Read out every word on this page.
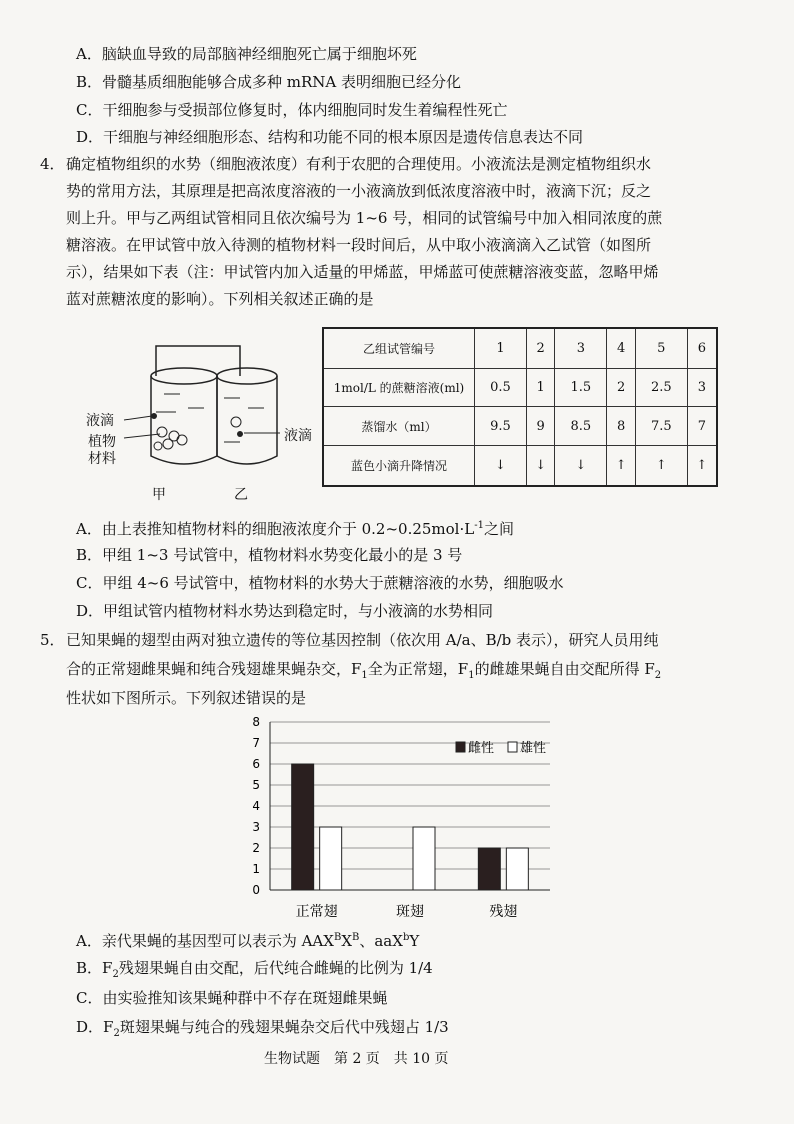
A．脑缺血导致的局部脑神经细胞死亡属于细胞坏死
B．骨髓基质细胞能够合成多种 mRNA 表明细胞已经分化
C．干细胞参与受损部位修复时，体内细胞同时发生着编程性死亡
D．干细胞与神经细胞形态、结构和功能不同的根本原因是遗传信息表达不同
4． 确定植物组织的水势（细胞液浓度）有利于农肥的合理使用。小液流法是测定植物组织水
势的常用方法，其原理是把高浓度溶液的一小液滴放到低浓度溶液中时，液滴下沉；反之
则上升。甲与乙两组试管相同且依次编号为 1~6 号，相同的试管编号中加入相同浓度的蔗
糖溶液。在甲试管中放入待测的植物材料一段时间后，从中取小液滴滴入乙试管（如图所
示），结果如下表（注：甲试管内加入适量的甲烯蓝，甲烯蓝可使蔗糖溶液变蓝，忽略甲烯
蓝对蔗糖浓度的影响）。下列相关叙述正确的是
液滴
植物
材料
液滴
甲	乙
乙组试管编号	1	2	3	4	5	6
1mol/L 的蔗糖溶液(ml)	0.5	1	1.5	2	2.5	3
蒸馏水（ml）	9.5	9	8.5	8	7.5	7
蓝色小滴升降情况	↓	↓	↓	↑	↑	↑
A．由上表推知植物材料的细胞液浓度介于 $0.2\sim 0.25mol\cdot L^{-1}$之间
B．甲组 1~3 号试管中，植物材料水势变化最小的是 3 号
C．甲组 4~6 号试管中，植物材料的水势大于蔗糖溶液的水势，细胞吸水
D．甲组试管内植物材料水势达到稳定时，与小液滴的水势相同
5． 已知果蝇的翅型由两对独立遗传的等位基因控制（依次用 A/a、B/b 表示），研究人员用纯
合的正常翅雌果蝇和纯合残翅雄果蝇杂交，$F_1$全为正常翅，$F_1$的雌雄果蝇自由交配所得 $F_2$
性状如下图所示。下列叙述错误的是
0
1
2
3
4
5
6
7
8
正常翅	斑翅	残翅
雌性 雄性
A．亲代果蝇的基因型可以表示为 $AAX^BX^B$、aaX$^b$Y
B．$F_2$残翅果蝇自由交配，后代纯合雌蝇的比例为 1/4
C．由实验推知该果蝇种群中不存在斑翅雌果蝇
D．$F_2$斑翅果蝇与纯合的残翅果蝇杂交后代中残翅占 1/3
生物试题　第 2 页　共 10 页
